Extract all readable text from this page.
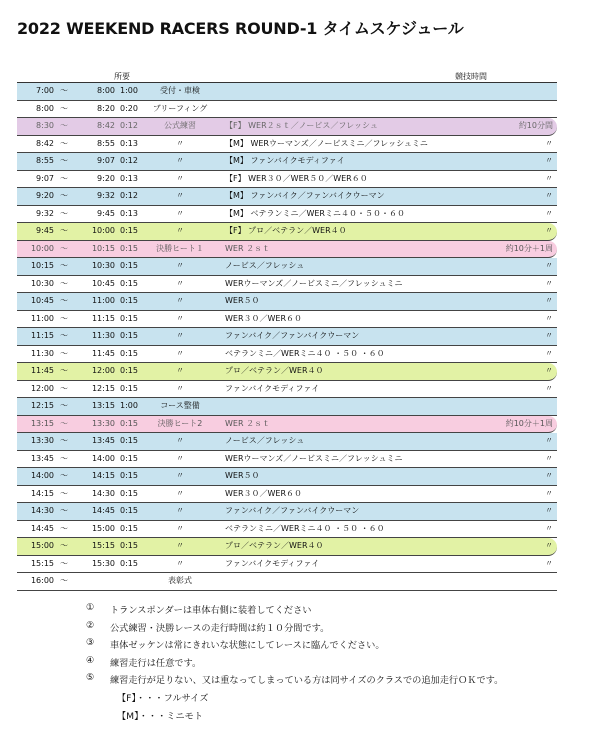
2022 WEEKEND RACERS ROUND-1 タイムスケジュール
所要	競技時間
7:00 ～	8:00 1:00	受付・車検
8:00 ～	8:20 0:20	ブリーフィング
8:30 ～	8:42 0:12	公式練習	【F】 WER２ｓｔ／ノービス／フレッシュ	約10分間
8:42 ～	8:55 0:13	〃	【M】 WERウーマンズ／ノービスミニ／フレッシュミニ	〃
8:55 ～	9:07 0:12	〃	【M】 ファンバイクモディファイ	〃
9:07 ～	9:20 0:13	〃	【F】 WER３０／WER５０／WER６０	〃
9:20 ～	9:32 0:12	〃	【M】 ファンバイク／ファンバイクウーマン	〃
9:32 ～	9:45 0:13	〃	【M】 ベテランミニ／WERミニ４０・５０・６０	〃
9:45 ～	10:00 0:15	〃	【F】 プロ／ベテラン／WER４０	〃
10:00 ～	10:15 0:15	決勝ヒート１	WER ２ｓｔ	約10分＋1周
10:15 ～	10:30 0:15	〃	ノービス／フレッシュ	〃
10:30 ～	10:45 0:15	〃	WERウーマンズ／ノービスミニ／フレッシュミニ	〃
10:45 ～	11:00 0:15	〃	WER５０	〃
11:00 ～	11:15 0:15	〃	WER３０／WER６０	〃
11:15 ～	11:30 0:15	〃	ファンバイク／ファンバイクウーマン	〃
11:30 ～	11:45 0:15	〃	ベテランミニ／WERミニ４０ ・５０ ・６０	〃
11:45 ～	12:00 0:15	〃	プロ／ベテラン／WER４０	〃
12:00 ～	12:15 0:15	〃	ファンバイクモディファイ	〃
12:15 ～	13:15 1:00	コース整備
13:15 ～	13:30 0:15	決勝ヒート2	WER ２ｓｔ	約10分＋1周
13:30 ～	13:45 0:15	〃	ノービス／フレッシュ	〃
13:45 ～	14:00 0:15	〃	WERウーマンズ／ノービスミニ／フレッシュミニ	〃
14:00 ～	14:15 0:15	〃	WER５０	〃
14:15 ～	14:30 0:15	〃	WER３０／WER６０	〃
14:30 ～	14:45 0:15	〃	ファンバイク／ファンバイクウーマン	〃
14:45 ～	15:00 0:15	〃	ベテランミニ／WERミニ４０ ・５０ ・６０	〃
15:00 ～	15:15 0:15	〃	プロ／ベテラン／WER４０	〃
15:15 ～	15:30 0:15	〃	ファンバイクモディファイ	〃
16:00 ～	表彰式
① トランスポンダーは車体右側に装着してください
② 公式練習・決勝レースの走行時間は約１０分間です。
③ 車体ゼッケンは常にきれいな状態にしてレースに臨んでください。
④ 練習走行は任意です。
⑤ 練習走行が足りない、又は重なってしまっている方は同サイズのクラスでの追加走行ＯＫです。
【F】・・・フルサイズ
【M】・・・ミニモト
